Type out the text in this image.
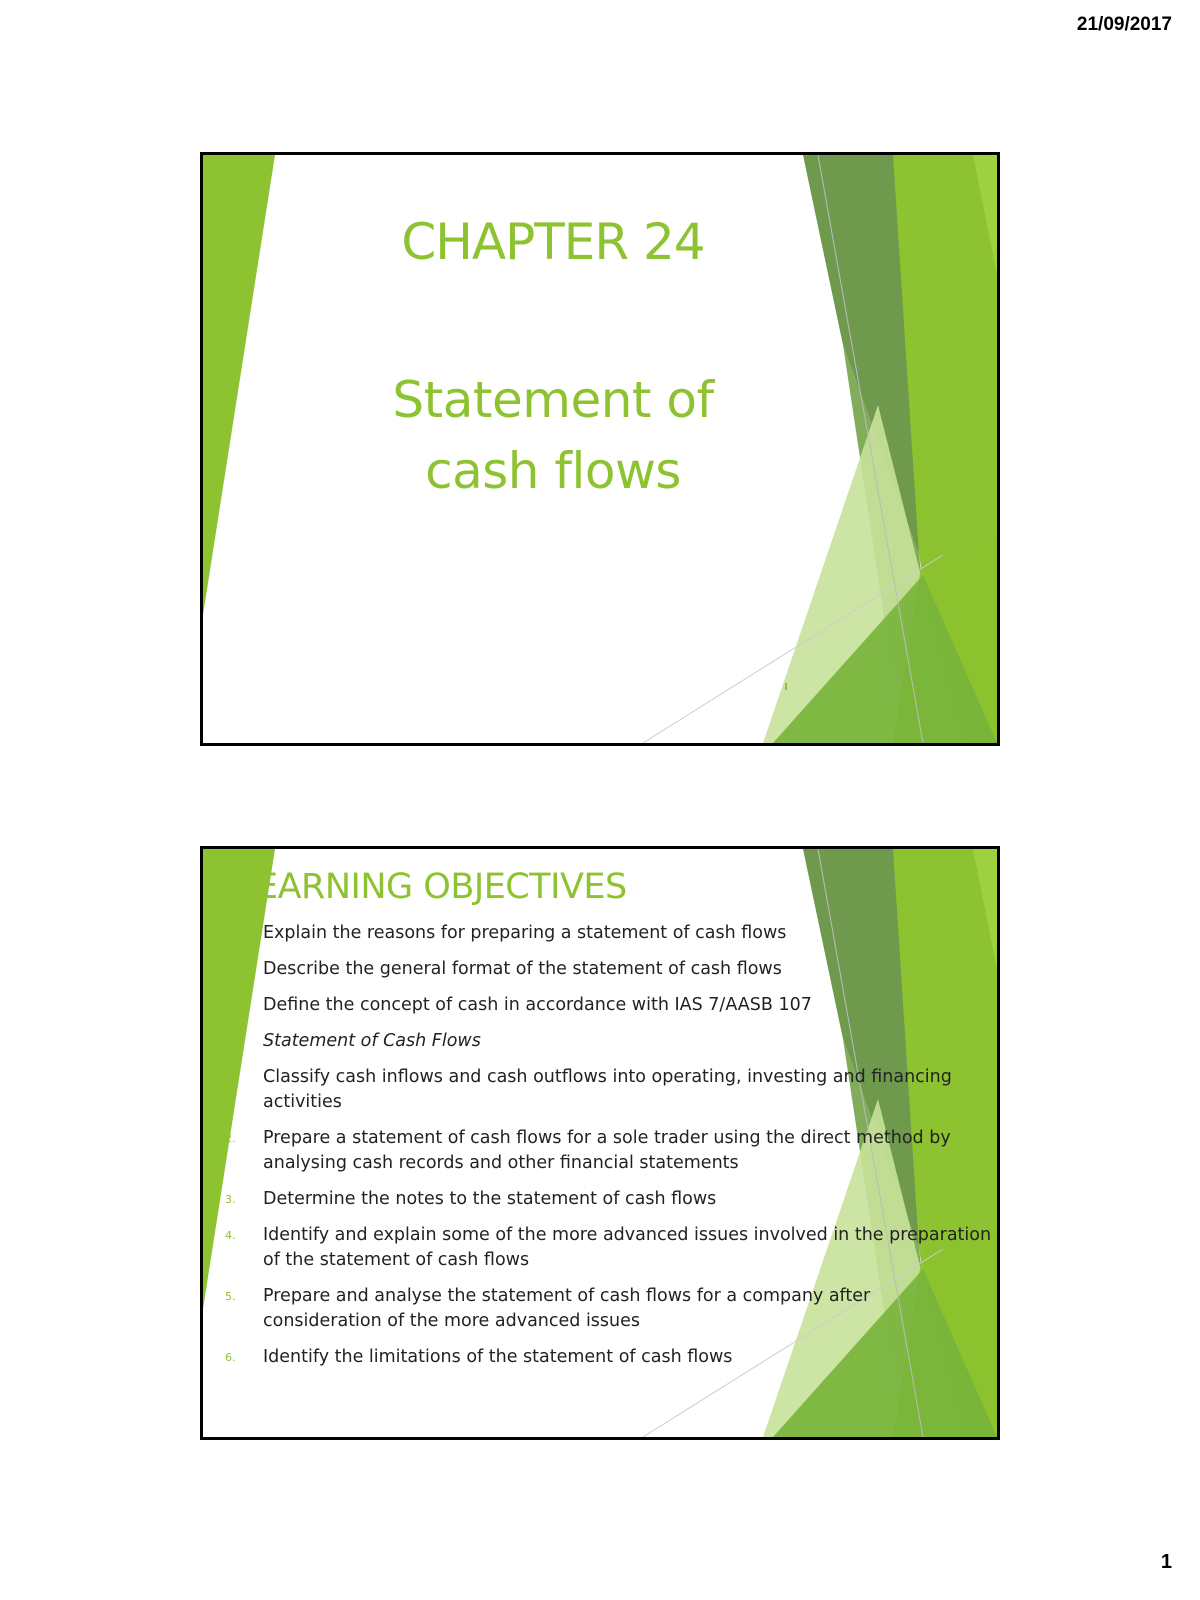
21/09/2017
CHAPTER 24
Statement of
cash flows
LEARNING OBJECTIVES
1. Explain the reasons for preparing a statement of cash flows
2. Describe the general format of the statement of cash flows
3. Define the concept of cash in accordance with IAS 7/AASB 107
Statement of Cash Flows
1. Classify cash inflows and cash outflows into operating, investing and financing activities
2. Prepare a statement of cash flows for a sole trader using the direct method by analysing cash records and other financial statements
3. Determine the notes to the statement of cash flows
4. Identify and explain some of the more advanced issues involved in the preparation of the statement of cash flows
5. Prepare and analyse the statement of cash flows for a company after consideration of the more advanced issues
6. Identify the limitations of the statement of cash flows
1
